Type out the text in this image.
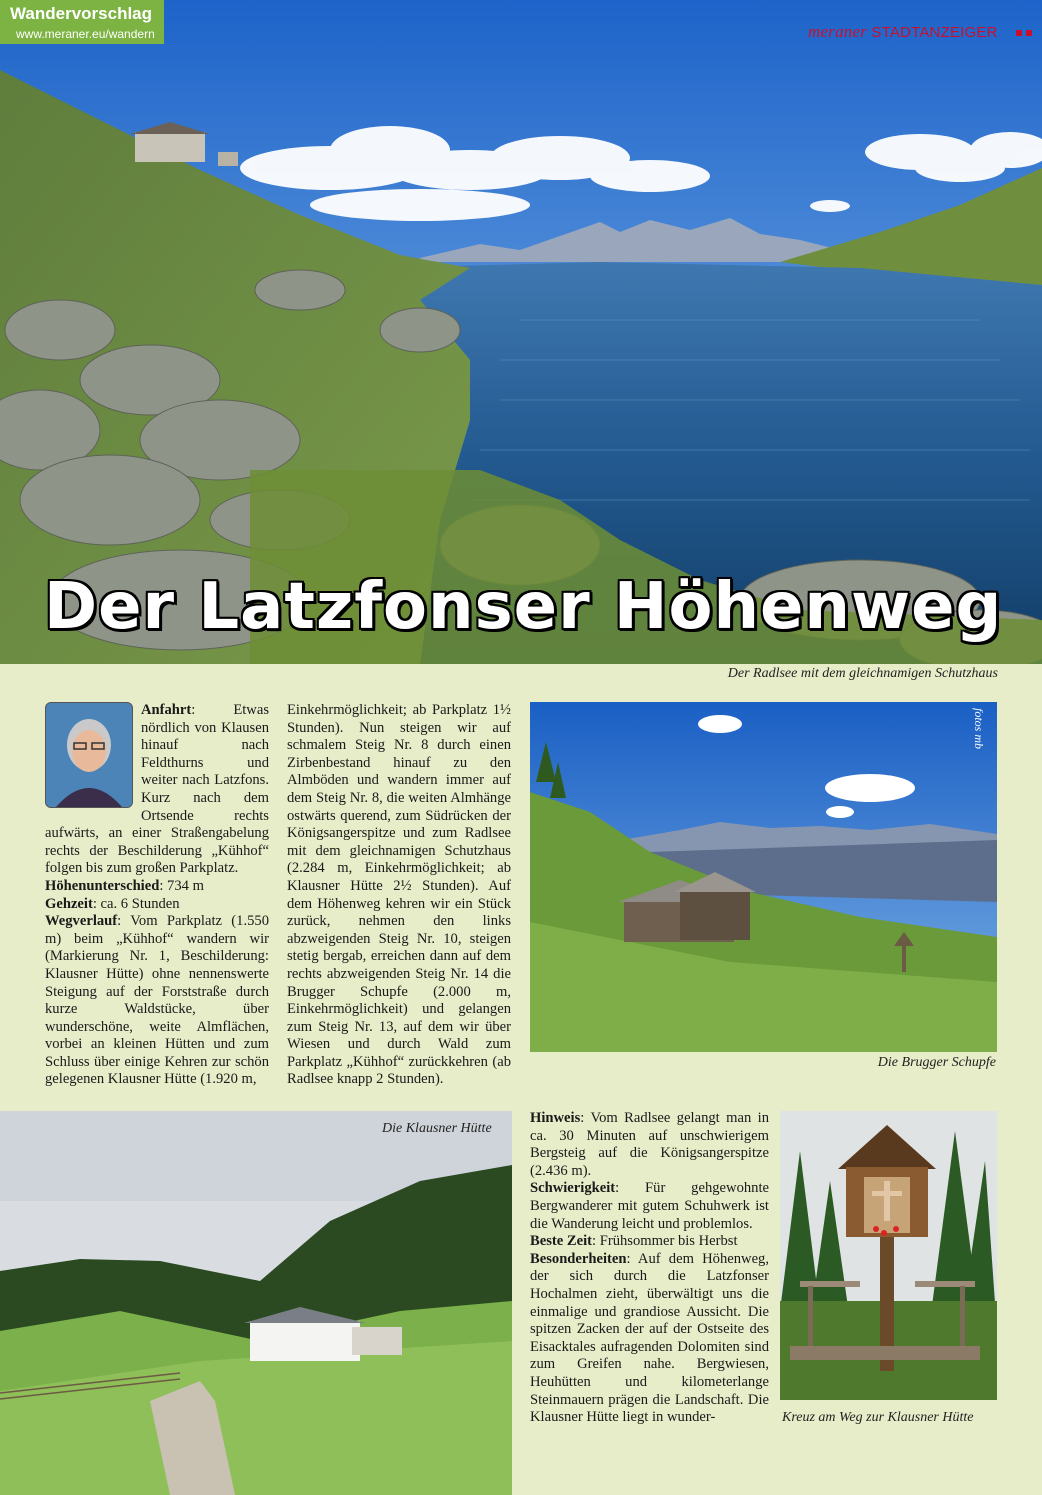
Wandervorschlag
www.meraner.eu/wandern	meraner STADTANZEIGER
Der Latzfonser Höhenweg
Der Radlsee mit dem gleichnamigen Schutzhaus

Anfahrt: Etwas nördlich von Klausen hinauf nach Feldthurns und weiter nach Latzfons. Kurz nach dem Ortsende rechts aufwärts, an einer Straßengabelung rechts der Beschilderung „Kühhof“ folgen bis zum großen Parkplatz.

Höhenunterschied: 734 m

Gehzeit: ca. 6 Stunden

Wegverlauf: Vom Parkplatz (1.550 m) beim „Kühhof“ wandern wir (Markierung Nr. 1, Beschilderung: Klausner Hütte) ohne nennenswerte Steigung auf der Forststraße durch kurze Waldstücke, über wunderschöne, weite Almflächen, vorbei an kleinen Hütten und zum Schluss über einige Kehren zur schön gelegenen Klausner Hütte (1.920 m,

Einkehrmöglichkeit; ab Parkplatz 1½ Stunden). Nun steigen wir auf schmalem Steig Nr. 8 durch einen Zirbenbestand hinauf zu den Almböden und wandern immer auf dem Steig Nr. 8, die weiten Almhänge ostwärts querend, zum Südrücken der Königsangerspitze und zum Radlsee mit dem gleichnamigen Schutzhaus (2.284 m, Einkehrmöglichkeit; ab Klausner Hütte 2½ Stunden). Auf dem Höhenweg kehren wir ein Stück zurück, nehmen den links abzweigenden Steig Nr. 10, steigen stetig bergab, erreichen dann auf dem rechts abzweigenden Steig Nr. 14 die Brugger Schupfe (2.000 m, Einkehrmöglichkeit) und gelangen zum Steig Nr. 13, auf dem wir über Wiesen und durch Wald zum Parkplatz „Kühhof“ zurückkehren (ab Radlsee knapp 2 Stunden).

fotos mb
Die Brugger Schupfe
Die Klausner Hütte

Hinweis: Vom Radlsee gelangt man in ca. 30 Minuten auf unschwierigem Bergsteig auf die Königsangerspitze (2.436 m).

Schwierigkeit: Für gehgewohnte Bergwanderer mit gutem Schuhwerk ist die Wanderung leicht und problemlos.

Beste Zeit: Frühsommer bis Herbst

Besonderheiten: Auf dem Höhenweg, der sich durch die Latzfonser Hochalmen zieht, überwältigt uns die einmalige und grandiose Aussicht. Die spitzen Zacken der auf der Ostseite des Eisacktales aufragenden Dolomiten sind zum Greifen nahe. Bergwiesen, Heuhütten und kilometerlange Steinmauern prägen die Landschaft. Die Klausner Hütte liegt in wunder-	Kreuz am Weg zur Klausner Hütte
